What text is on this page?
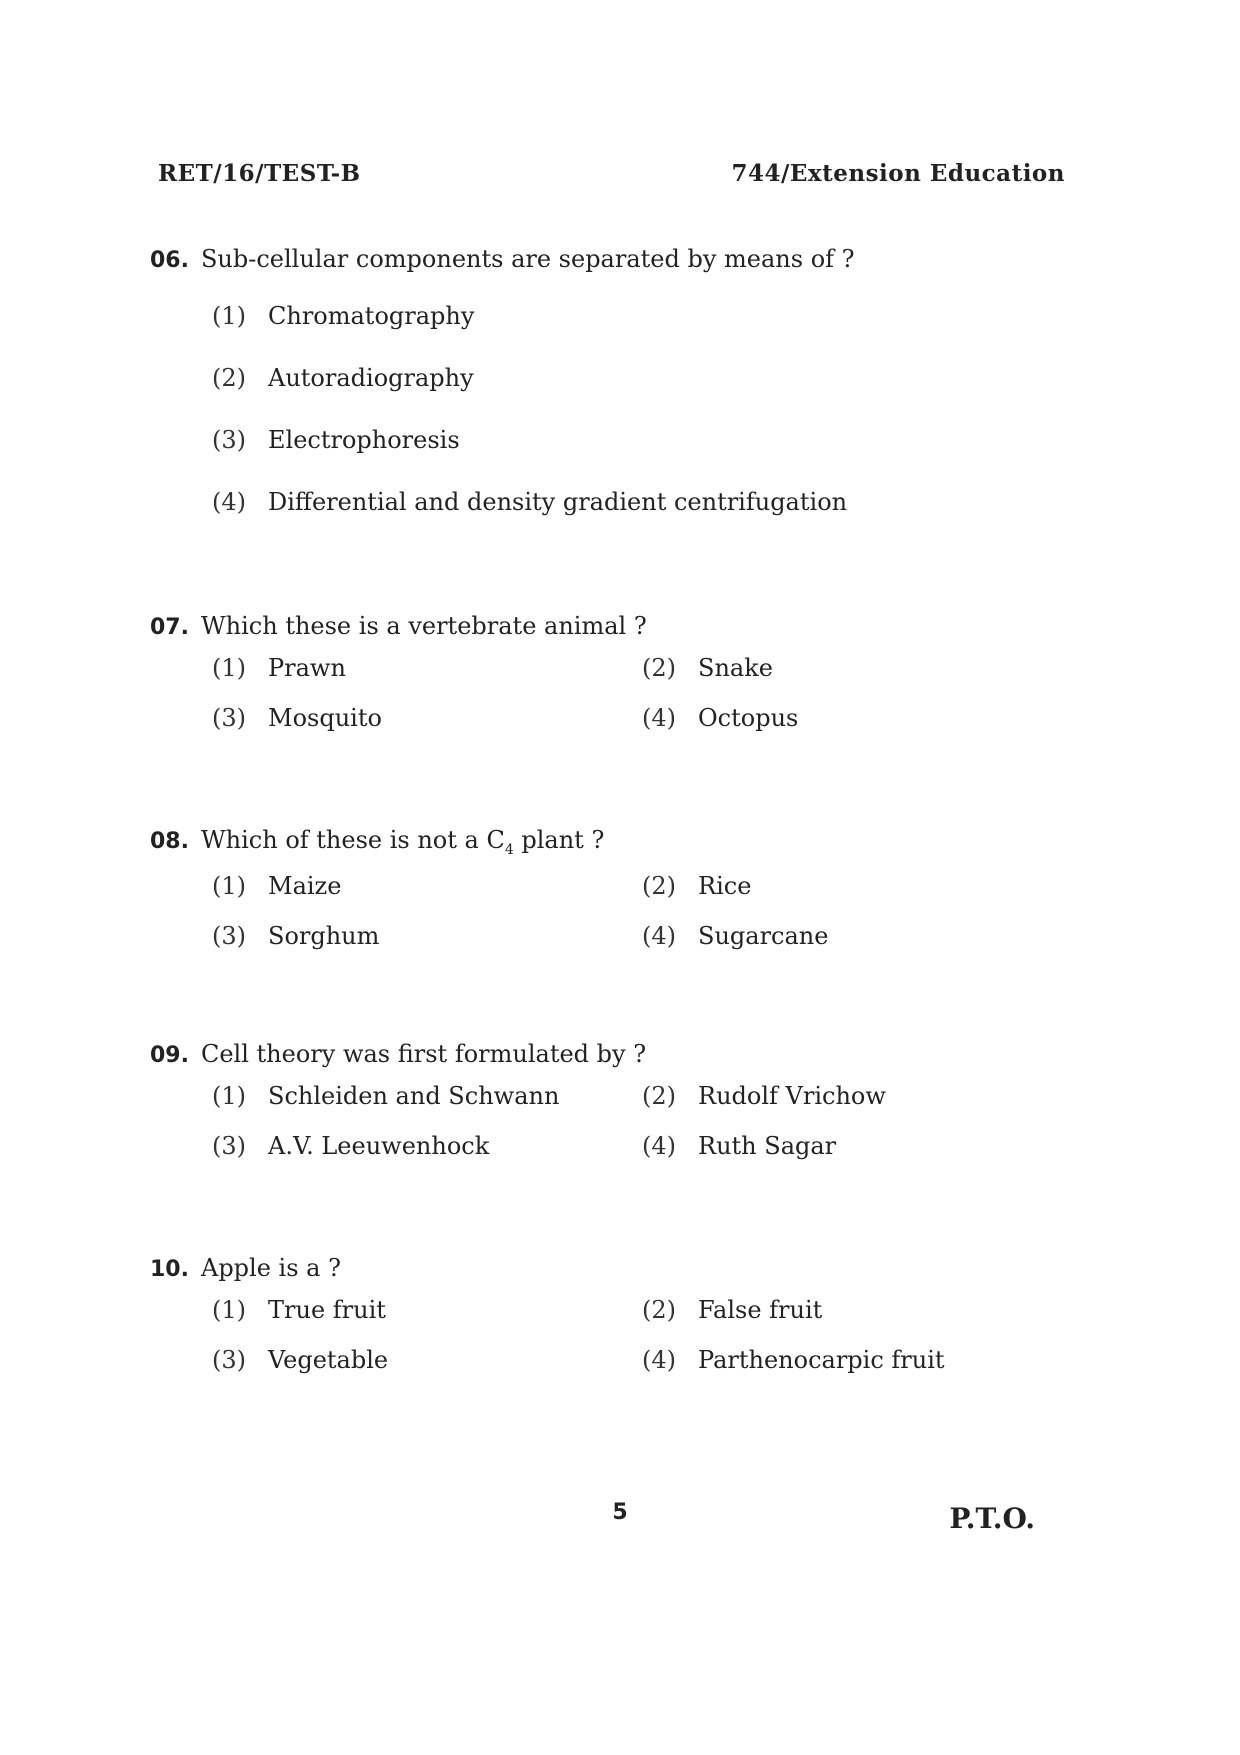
RET/16/TEST-B	744/Extension Education
06. Sub-cellular components are separated by means of ?
(1) Chromatography
(2) Autoradiography
(3) Electrophoresis
(4) Differential and density gradient centrifugation
07. Which these is a vertebrate animal ?
(1) Prawn	(2) Snake
(3) Mosquito	(4) Octopus
08. Which of these is not a $C_4$ plant ?
(1) Maize	(2) Rice
(3) Sorghum	(4) Sugarcane
09. Cell theory was first formulated by ?
(1) Schleiden and Schwann	(2) Rudolf Vrichow
(3) A.V. Leeuwenhock	(4) Ruth Sagar
10. Apple is a ?
(1) True fruit	(2) False fruit
(3) Vegetable	(4) Parthenocarpic fruit
5	P.T.O.
